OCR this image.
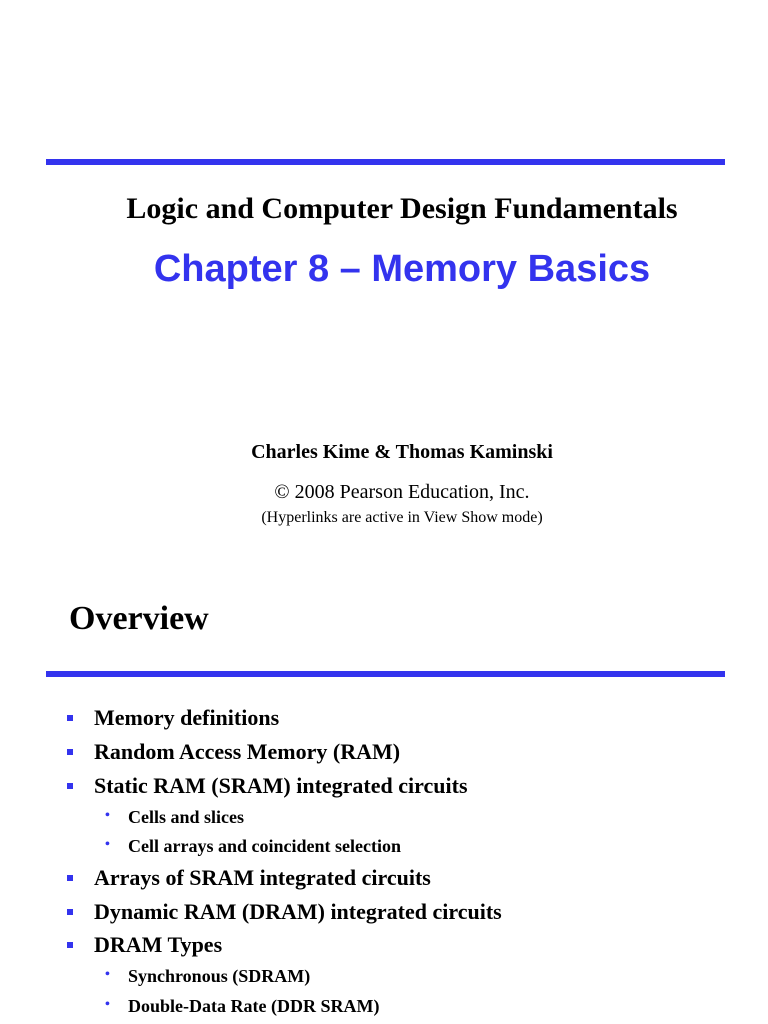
Logic and Computer Design Fundamentals
Chapter 8 – Memory Basics
Charles Kime & Thomas Kaminski
© 2008 Pearson Education, Inc.
(Hyperlinks are active in View Show mode)
Overview
Memory definitions
Random Access Memory (RAM)
Static RAM (SRAM) integrated circuits
• Cells and slices
• Cell arrays and coincident selection
Arrays of SRAM integrated circuits
Dynamic RAM (DRAM) integrated circuits
DRAM Types
• Synchronous (SDRAM)
• Double-Data Rate (DDR SRAM)
